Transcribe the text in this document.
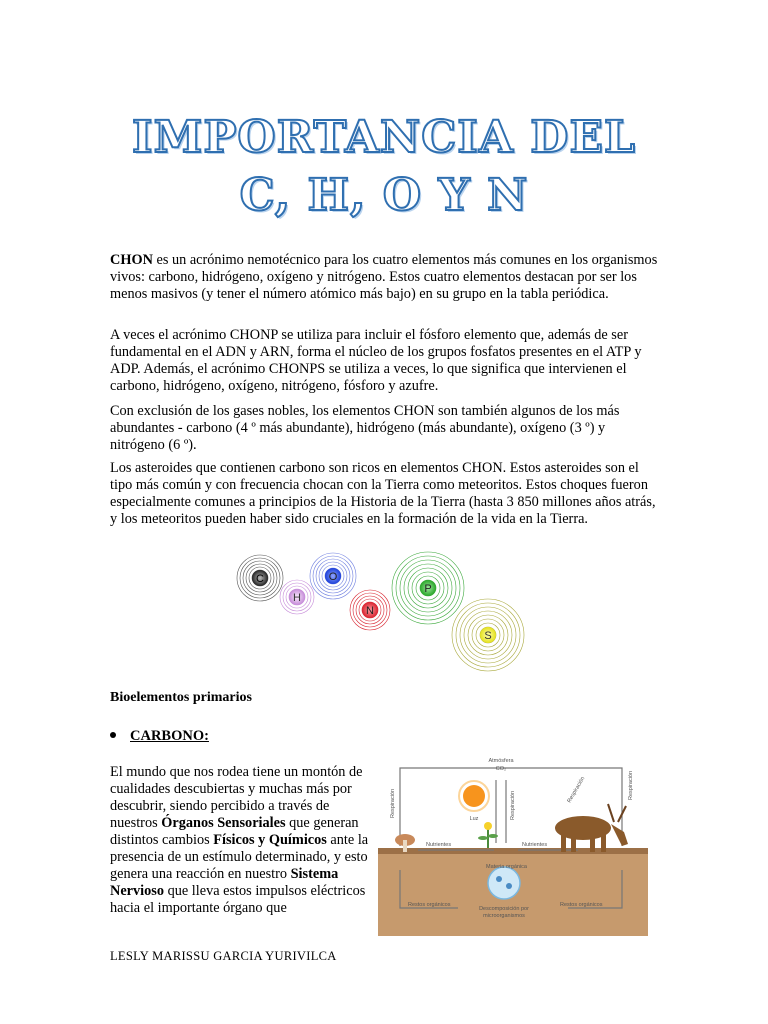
IMPORTANCIA DEL
C, H, O Y N

CHON es un acrónimo nemotécnico para los cuatro elementos más comunes en los organismos vivos: carbono, hidrógeno, oxígeno y nitrógeno. Estos cuatro elementos destacan por ser los menos masivos (y tener el número atómico más bajo) en su grupo en la tabla periódica.

A veces el acrónimo CHONP se utiliza para incluir el fósforo elemento que, además de ser fundamental en el ADN y ARN, forma el núcleo de los grupos fosfatos presentes en el ATP y ADP. Además, el acrónimo CHONPS se utiliza a veces, lo que significa que intervienen el carbono, hidrógeno, oxígeno, nitrógeno, fósforo y azufre.

Con exclusión de los gases nobles, los elementos CHON son también algunos de los más abundantes - carbono (4 º más abundante), hidrógeno (más abundante), oxígeno (3 º) y nitrógeno (6 º).

Los asteroides que contienen carbono son ricos en elementos CHON. Estos asteroides son el tipo más común y con frecuencia chocan con la Tierra como meteoritos. Estos choques fueron especialmente comunes a principios de la Historia de la Tierra (hasta 3 850 millones años atrás, y los meteoritos pueden haber sido cruciales en la formación de la vida en la Tierra.

C
H
O
N
P
S
Bioelementos primarios
CARBONO:

El mundo que nos rodea tiene un montón de cualidades descubiertas y muchas más por descubrir, siendo percibido a través de nuestros Órganos Sensoriales que generan distintos cambios Físicos y Químicos ante la presencia de un estímulo determinado, y esto genera una reacción en nuestro Sistema Nervioso que lleva estos impulsos eléctricos hacia el importante órgano que

Atmósfera
CO₂
Luz
Respiración	Respiración
Respiración	Respiración
Nutrientes	Nutrientes
Materia orgánica
Restos orgánicos	Restos orgánicos
Descomposición por
microorganismos
LESLY MARISSU GARCIA YURIVILCA
